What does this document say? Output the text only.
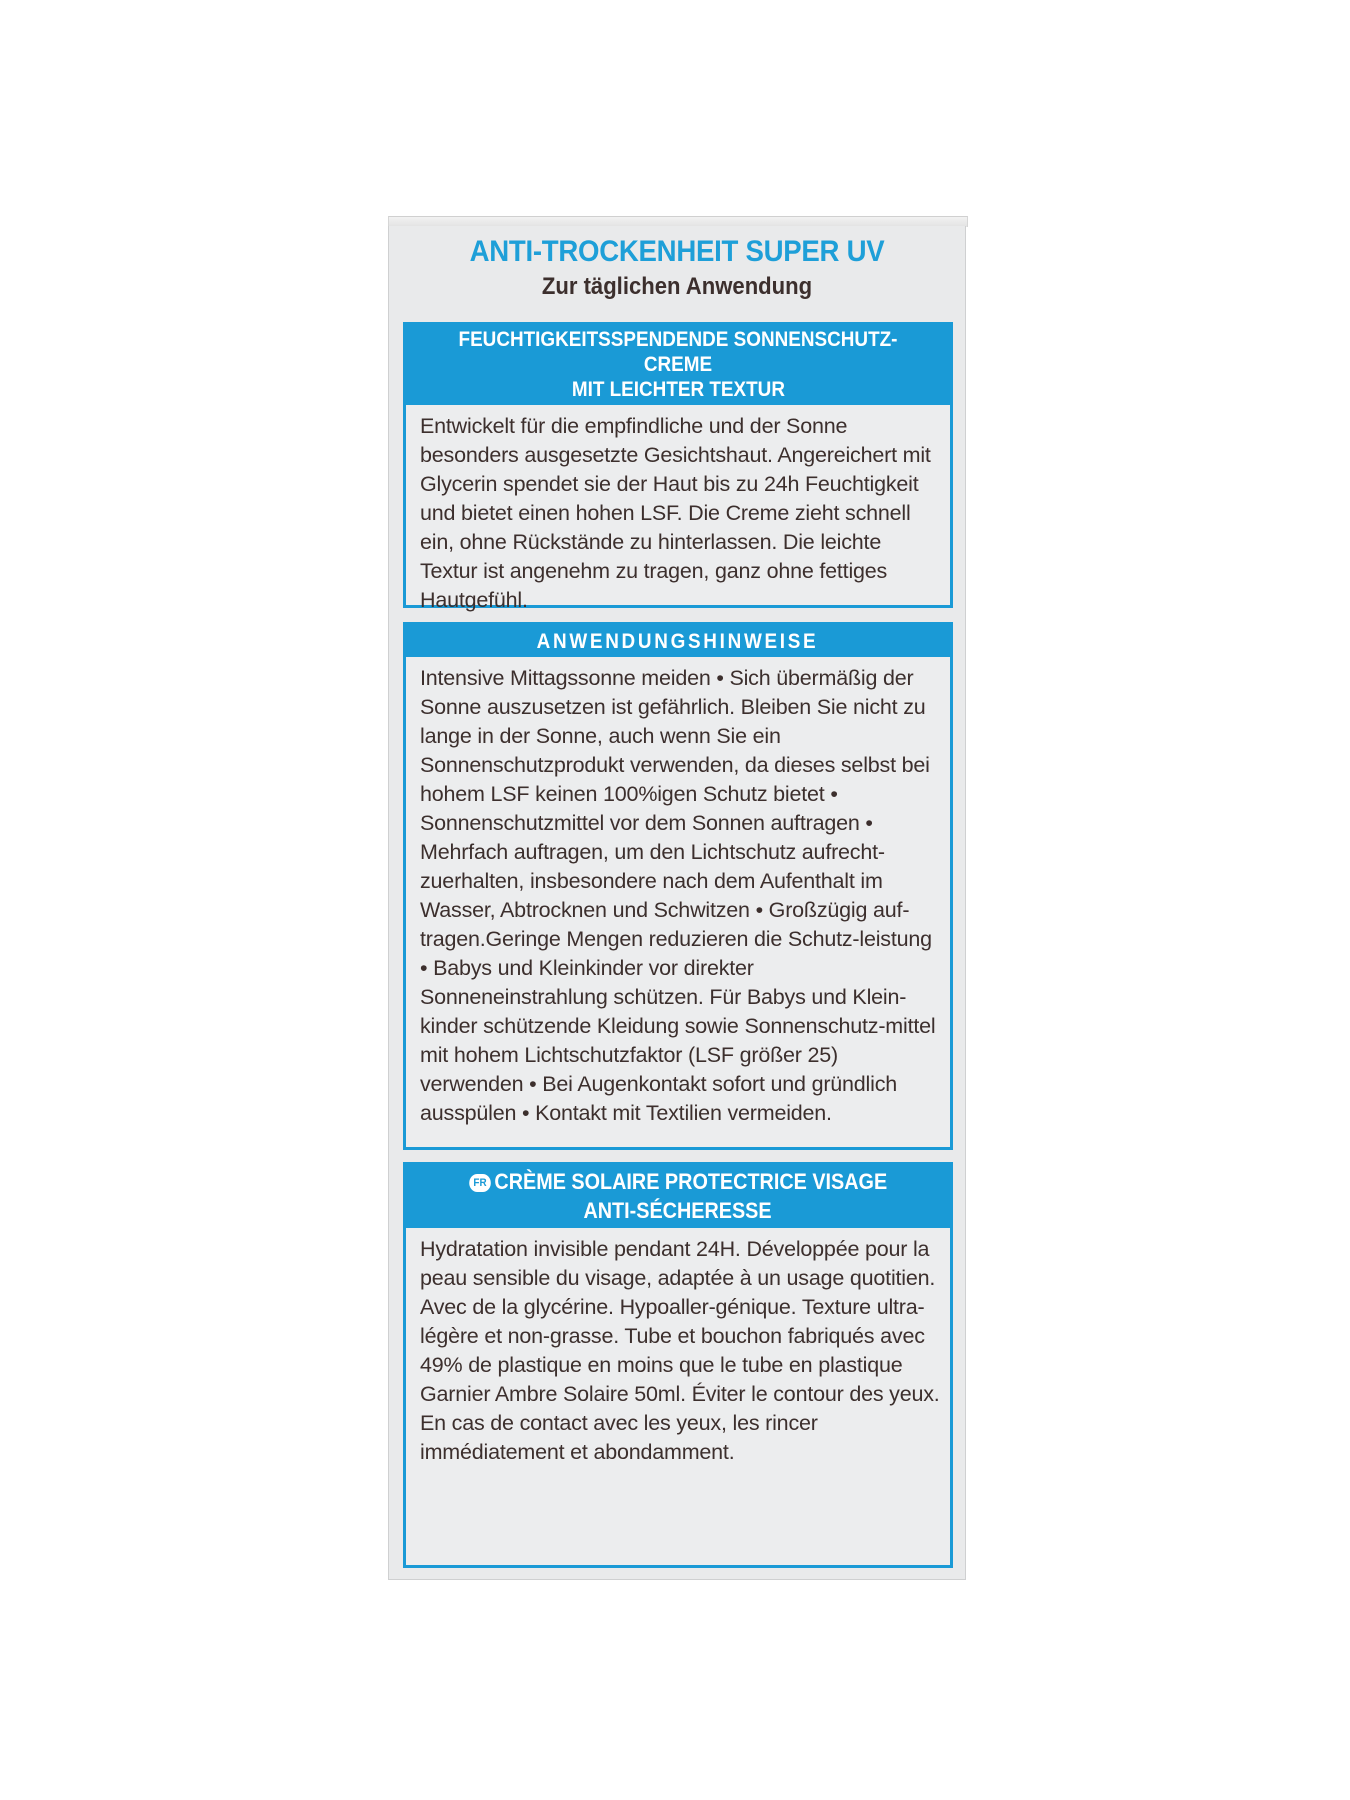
ANTI-TROCKENHEIT SUPER UV
Zur täglichen Anwendung
FEUCHTIGKEITSSPENDENDE SONNENSCHUTZ-CREME
MIT LEICHTER TEXTUR
Entwickelt für die empfindliche und der Sonne besonders ausgesetzte Gesichtshaut. Angereichert mit Glycerin spendet sie der Haut bis zu 24h Feuchtigkeit und bietet einen hohen LSF. Die Creme zieht schnell ein, ohne Rückstände zu hinterlassen. Die leichte Textur ist angenehm zu tragen, ganz ohne fettiges Hautgefühl.
ANWENDUNGSHINWEISE
Intensive Mittagssonne meiden • Sich übermäßig der Sonne auszusetzen ist gefährlich. Bleiben Sie nicht zu lange in der Sonne, auch wenn Sie ein Sonnenschutzprodukt verwenden, da dieses selbst bei hohem LSF keinen 100%igen Schutz bietet • Sonnenschutzmittel vor dem Sonnen auftragen • Mehrfach auftragen, um den Lichtschutz aufrecht-zuerhalten, insbesondere nach dem Aufenthalt im Wasser, Abtrocknen und Schwitzen • Großzügig auf-tragen.Geringe Mengen reduzieren die Schutz-leistung • Babys und Kleinkinder vor direkter Sonneneinstrahlung schützen. Für Babys und Klein-kinder schützende Kleidung sowie Sonnenschutz-mittel mit hohem Lichtschutzfaktor (LSF größer 25) verwenden • Bei Augenkontakt sofort und gründlich ausspülen • Kontakt mit Textilien vermeiden.
FR CRÈME SOLAIRE PROTECTRICE VISAGE
ANTI-SÉCHERESSE
Hydratation invisible pendant 24H. Développée pour la peau sensible du visage, adaptée à un usage quotitien. Avec de la glycérine. Hypoaller-génique. Texture ultra-légère et non-grasse. Tube et bouchon fabriqués avec 49% de plastique en moins que le tube en plastique Garnier Ambre Solaire 50ml. Éviter le contour des yeux. En cas de contact avec les yeux, les rincer immédiatement et abondamment.
